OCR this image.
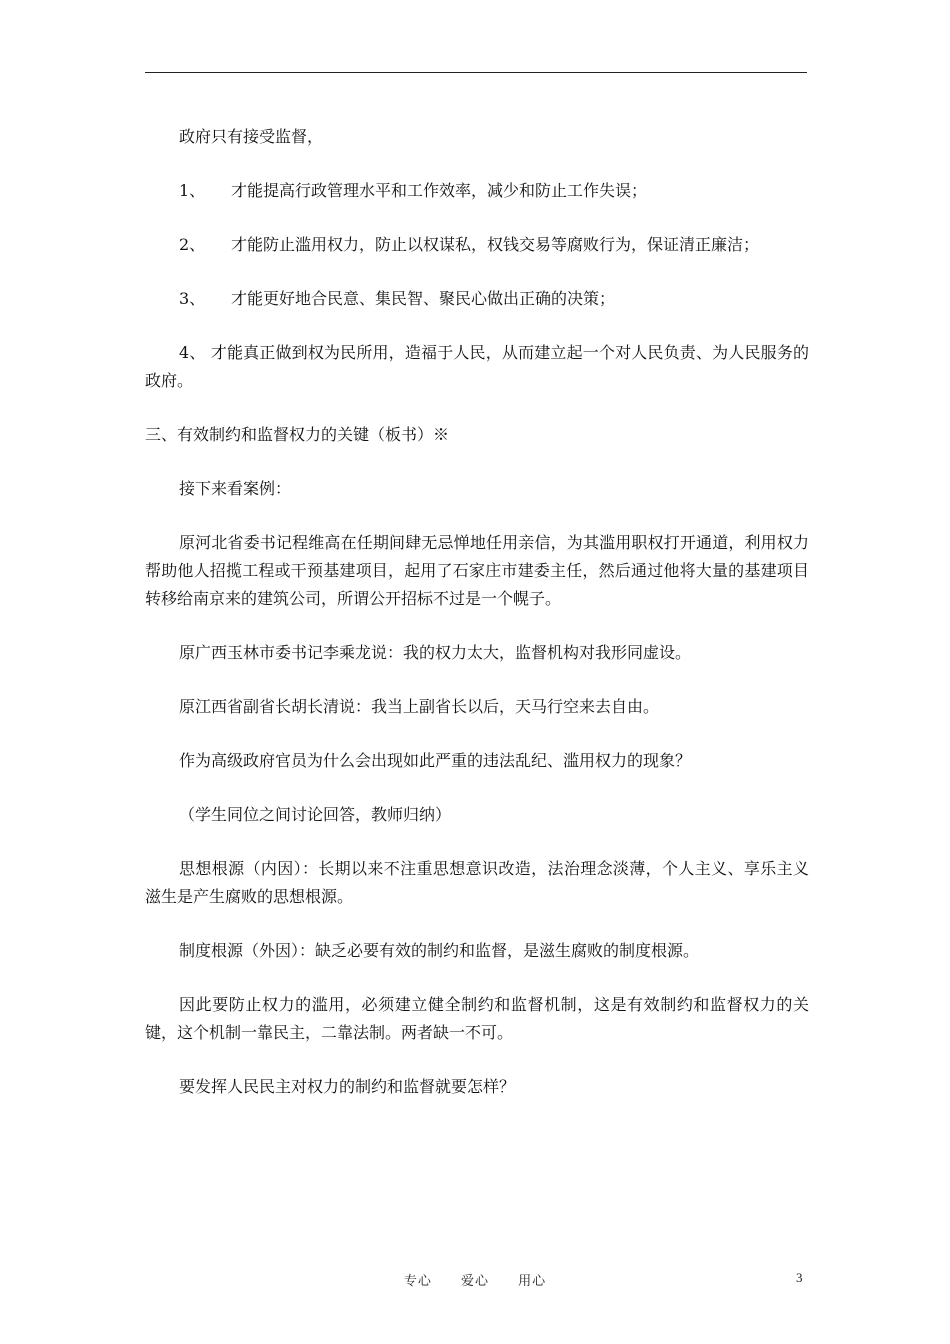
政府只有接受监督，
1、	才能提高行政管理水平和工作效率，减少和防止工作失误；
2、	才能防止滥用权力，防止以权谋私，权钱交易等腐败行为，保证清正廉洁；
3、	才能更好地合民意、集民智、聚民心做出正确的决策；
4、 才能真正做到权为民所用，造福于人民，从而建立起一个对人民负责、为人民服务的政府。
三、有效制约和监督权力的关键（板书）※
接下来看案例：
原河北省委书记程维高在任期间肆无忌惮地任用亲信，为其滥用职权打开通道，利用权力帮助他人招揽工程或干预基建项目，起用了石家庄市建委主任，然后通过他将大量的基建项目转移给南京来的建筑公司，所谓公开招标不过是一个幌子。
原广西玉林市委书记李乘龙说：我的权力太大，监督机构对我形同虚设。
原江西省副省长胡长清说：我当上副省长以后，天马行空来去自由。
作为高级政府官员为什么会出现如此严重的违法乱纪、滥用权力的现象？
（学生同位之间讨论回答，教师归纳）
思想根源（内因）：长期以来不注重思想意识改造，法治理念淡薄，个人主义、享乐主义滋生是产生腐败的思想根源。
制度根源（外因）：缺乏必要有效的制约和监督，是滋生腐败的制度根源。
因此要防止权力的滥用，必须建立健全制约和监督机制，这是有效制约和监督权力的关键，这个机制一靠民主，二靠法制。两者缺一不可。
要发挥人民民主对权力的制约和监督就要怎样？
专心 爱心 用心	3
